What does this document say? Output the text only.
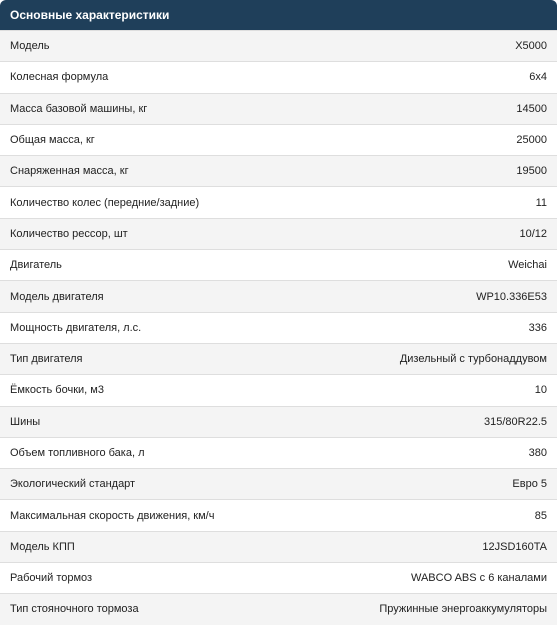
Основные характеристики	
Модель	X5000
Колесная формула	6x4
Масса базовой машины, кг	14500
Общая масса, кг	25000
Снаряженная масса, кг	19500
Количество колес (передние/задние)	11
Количество рессор, шт	10/12
Двигатель	Weichai
Модель двигателя	WP10.336E53
Мощность двигателя, л.с.	336
Тип двигателя	Дизельный с турбонаддувом
Ёмкость бочки, м3	10
Шины	315/80R22.5
Объем топливного бака, л	380
Экологический стандарт	Евро 5
Максимальная скорость движения, км/ч	85
Модель КПП	12JSD160TA
Рабочий тормоз	WABCO ABS с 6 каналами
Тип стояночного тормоза	Пружинные энергоаккумуляторы
